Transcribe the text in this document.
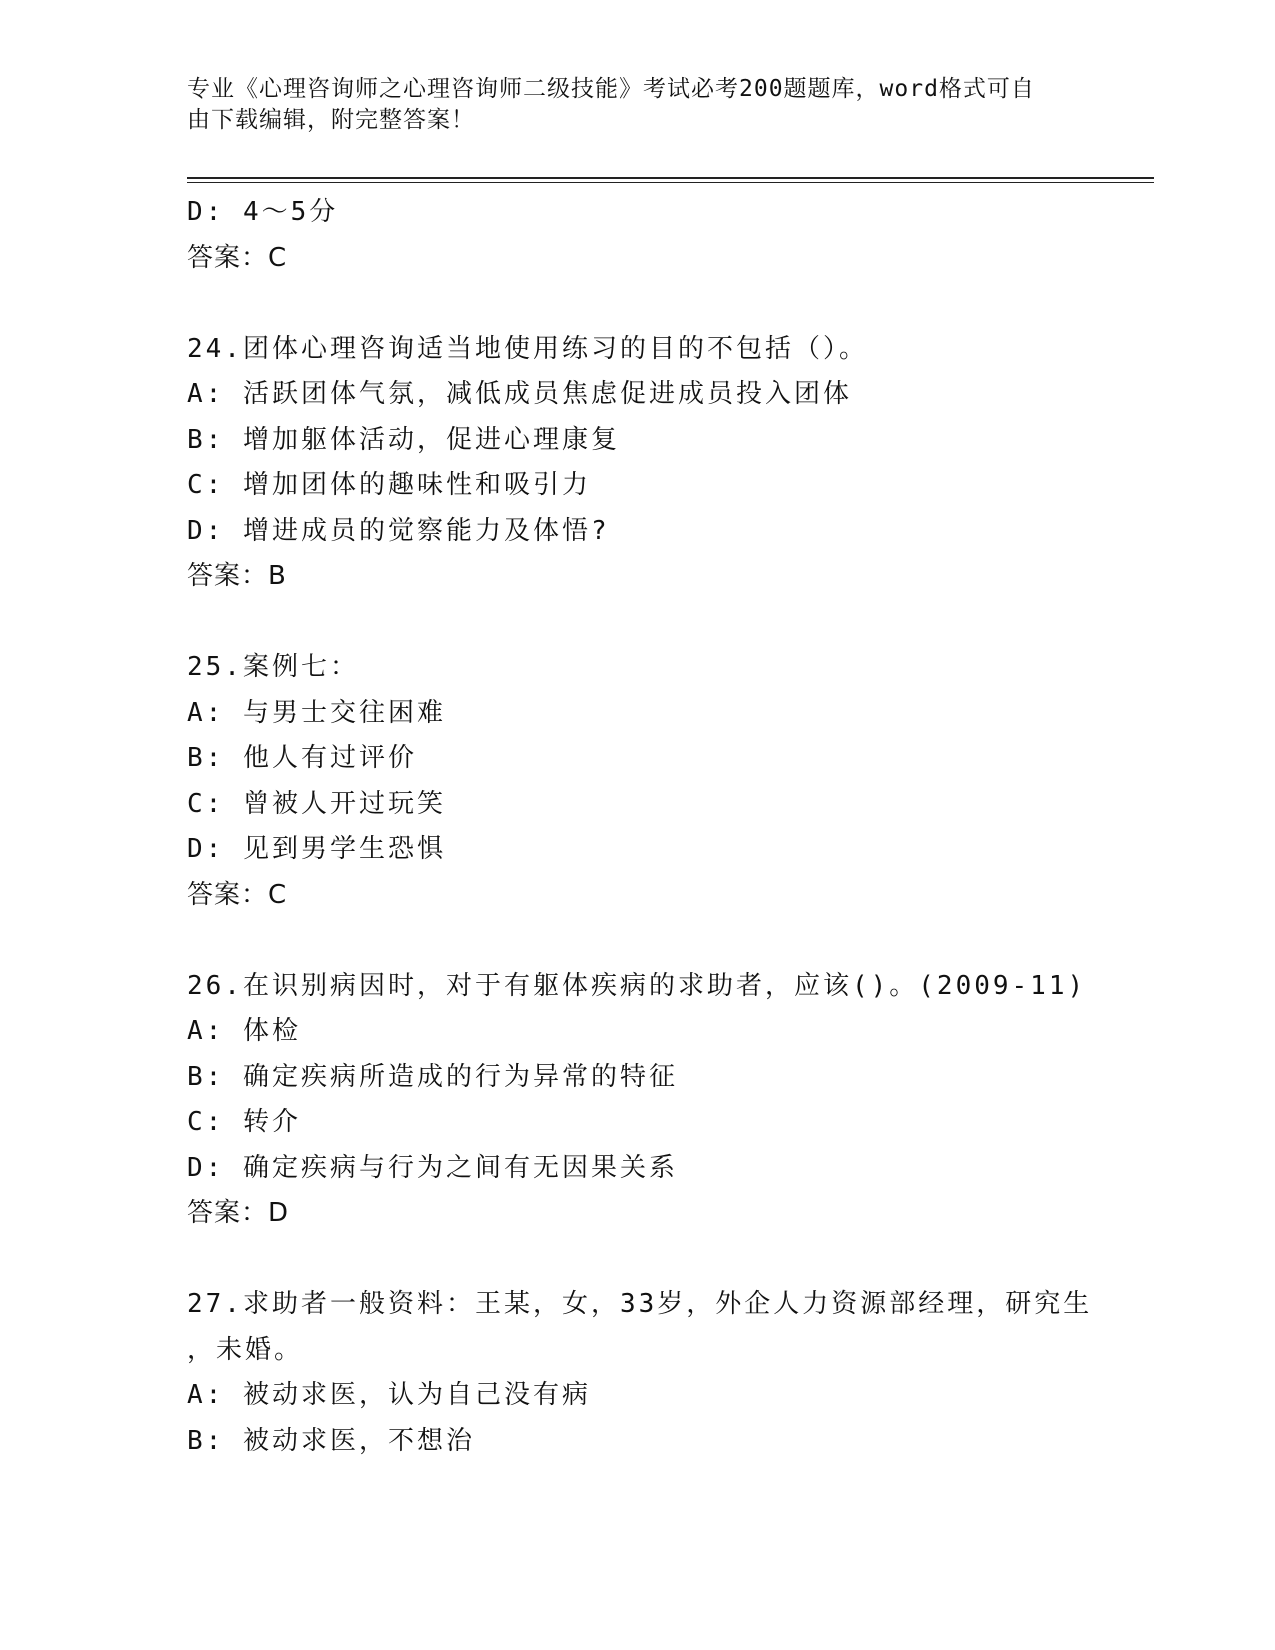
专业《心理咨询师之心理咨询师二级技能》考试必考200题题库，word格式可自
由下载编辑，附完整答案！
D: 4～5分
答案：C
24.团体心理咨询适当地使用练习的目的不包括（）。
A: 活跃团体气氛，减低成员焦虑促进成员投入团体
B: 增加躯体活动，促进心理康复
C: 增加团体的趣味性和吸引力
D: 增进成员的觉察能力及体悟?
答案：B
25.案例七：
A: 与男士交往困难
B: 他人有过评价
C: 曾被人开过玩笑
D: 见到男学生恐惧
答案：C
26.在识别病因时，对于有躯体疾病的求助者，应该()。(2009-11)
A: 体检
B: 确定疾病所造成的行为异常的特征
C: 转介
D: 确定疾病与行为之间有无因果关系
答案：D
27.求助者一般资料：王某，女，33岁，外企人力资源部经理，研究生
，未婚。
A: 被动求医，认为自己没有病
B: 被动求医，不想治
